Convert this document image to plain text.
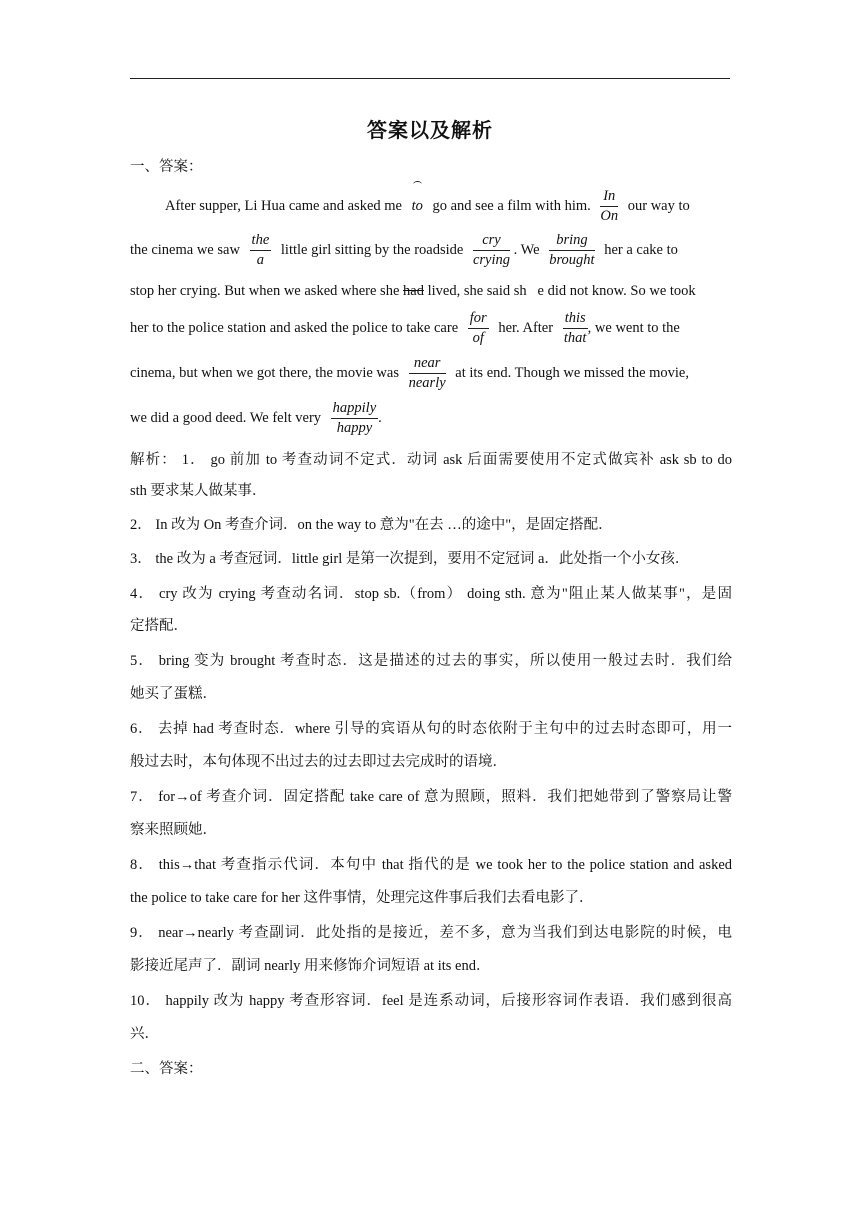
答案以及解析
一、答案：
After supper, Li Hua came and asked me to go and see a film with him. $\frac{In}{On}$ our way to
the cinema we saw $\frac{\text{the}}{a}$ little girl sitting by the roadside $\frac{\text{cry}}{\text{crying}}$ . We $\frac{\text{bring}}{\text{brought}}$ her a cake to
stop her crying. But when we asked where she had lived, she said sh e did not know. So we took
her to the police station and asked the police to take care $\frac{\text{for}}{of}$ her. After $\frac{\text{this}}{\text{that}}$ , we went to the
cinema, but when we got there, the movie was $\frac{\text{near}}{\text{nearly}}$ at its end. Though we missed the movie,
we did a good deed. We felt very $\frac{\text{happily}}{\text{happy}}$ .
解析： 1． go 前加 to 考查动词不定式．动词 ask 后面需要使用不定式做宾补 ask sb to do
sth 要求某人做某事．
2． In 改为 On 考查介词．on the way to 意为"在去 …的途中"，是固定搭配．
3． the 改为 a 考查冠词．little girl 是第一次提到，要用不定冠词 a．此处指一个小女孩．
4． cry 改为 crying 考查动名词．stop sb.（from） doing sth. 意为"阻止某人做某事"，是固
定搭配．
5． bring 变为 brought 考查时态．这是描述的过去的事实，所以使用一般过去时．我们给
她买了蛋糕．
6． 去掉 had 考查时态．where 引导的宾语从句的时态依附于主句中的过去时态即可，用一
般过去时，本句体现不出过去的过去即过去完成时的语境．
7． for→of 考查介词．固定搭配 take care of 意为照顾，照料．我们把她带到了警察局让警
察来照顾她．
8． this→that 考查指示代词．本句中 that 指代的是 we took her to the police station and asked
the police to take care for her 这件事情，处理完这件事后我们去看电影了．
9． near→nearly 考查副词．此处指的是接近，差不多，意为当我们到达电影院的时候，电
影接近尾声了．副词 nearly 用来修饰介词短语 at its end．
10． happily 改为 happy 考查形容词．feel 是连系动词，后接形容词作表语．我们感到很高
兴．
二、答案：
